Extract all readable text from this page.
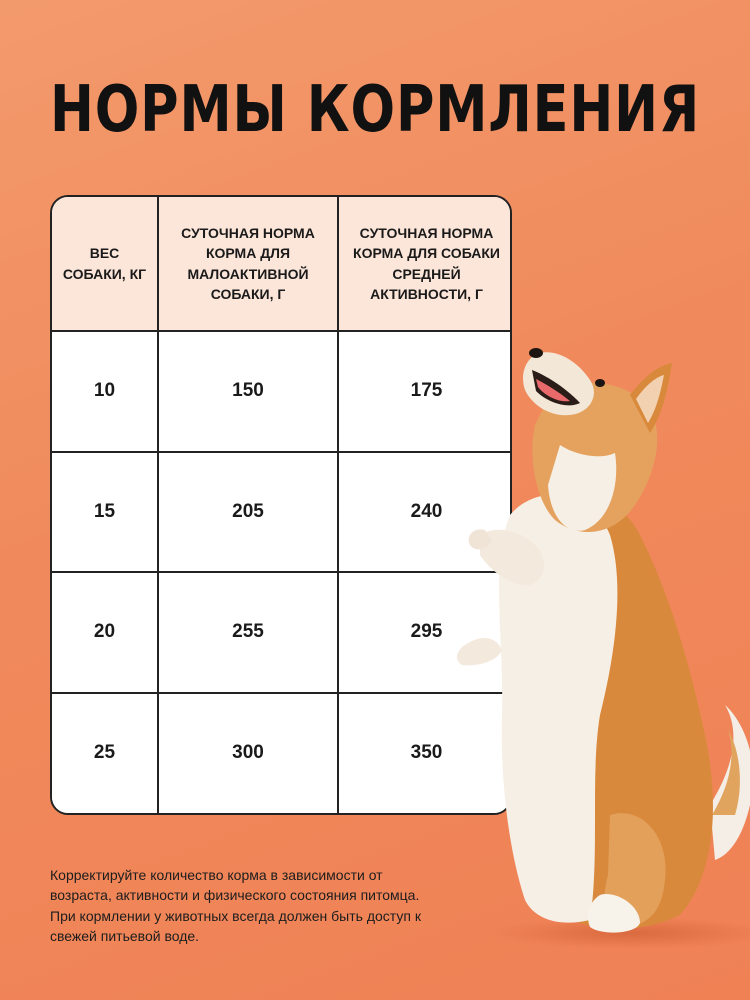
НОРМЫ КОРМЛЕНИЯ
ВЕС СОБАКИ, КГ	СУТОЧНАЯ НОРМА КОРМА ДЛЯ МАЛОАКТИВНОЙ СОБАКИ, Г	СУТОЧНАЯ НОРМА КОРМА ДЛЯ СОБАКИ СРЕДНЕЙ АКТИВНОСТИ, Г
10	150	175
15	205	240
20	255	295
25	300	350

Корректируйте количество корма в зависимости от возраста, активности и физического состояния питомца. При кормлении у животных всегда должен быть доступ к свежей питьевой воде.
